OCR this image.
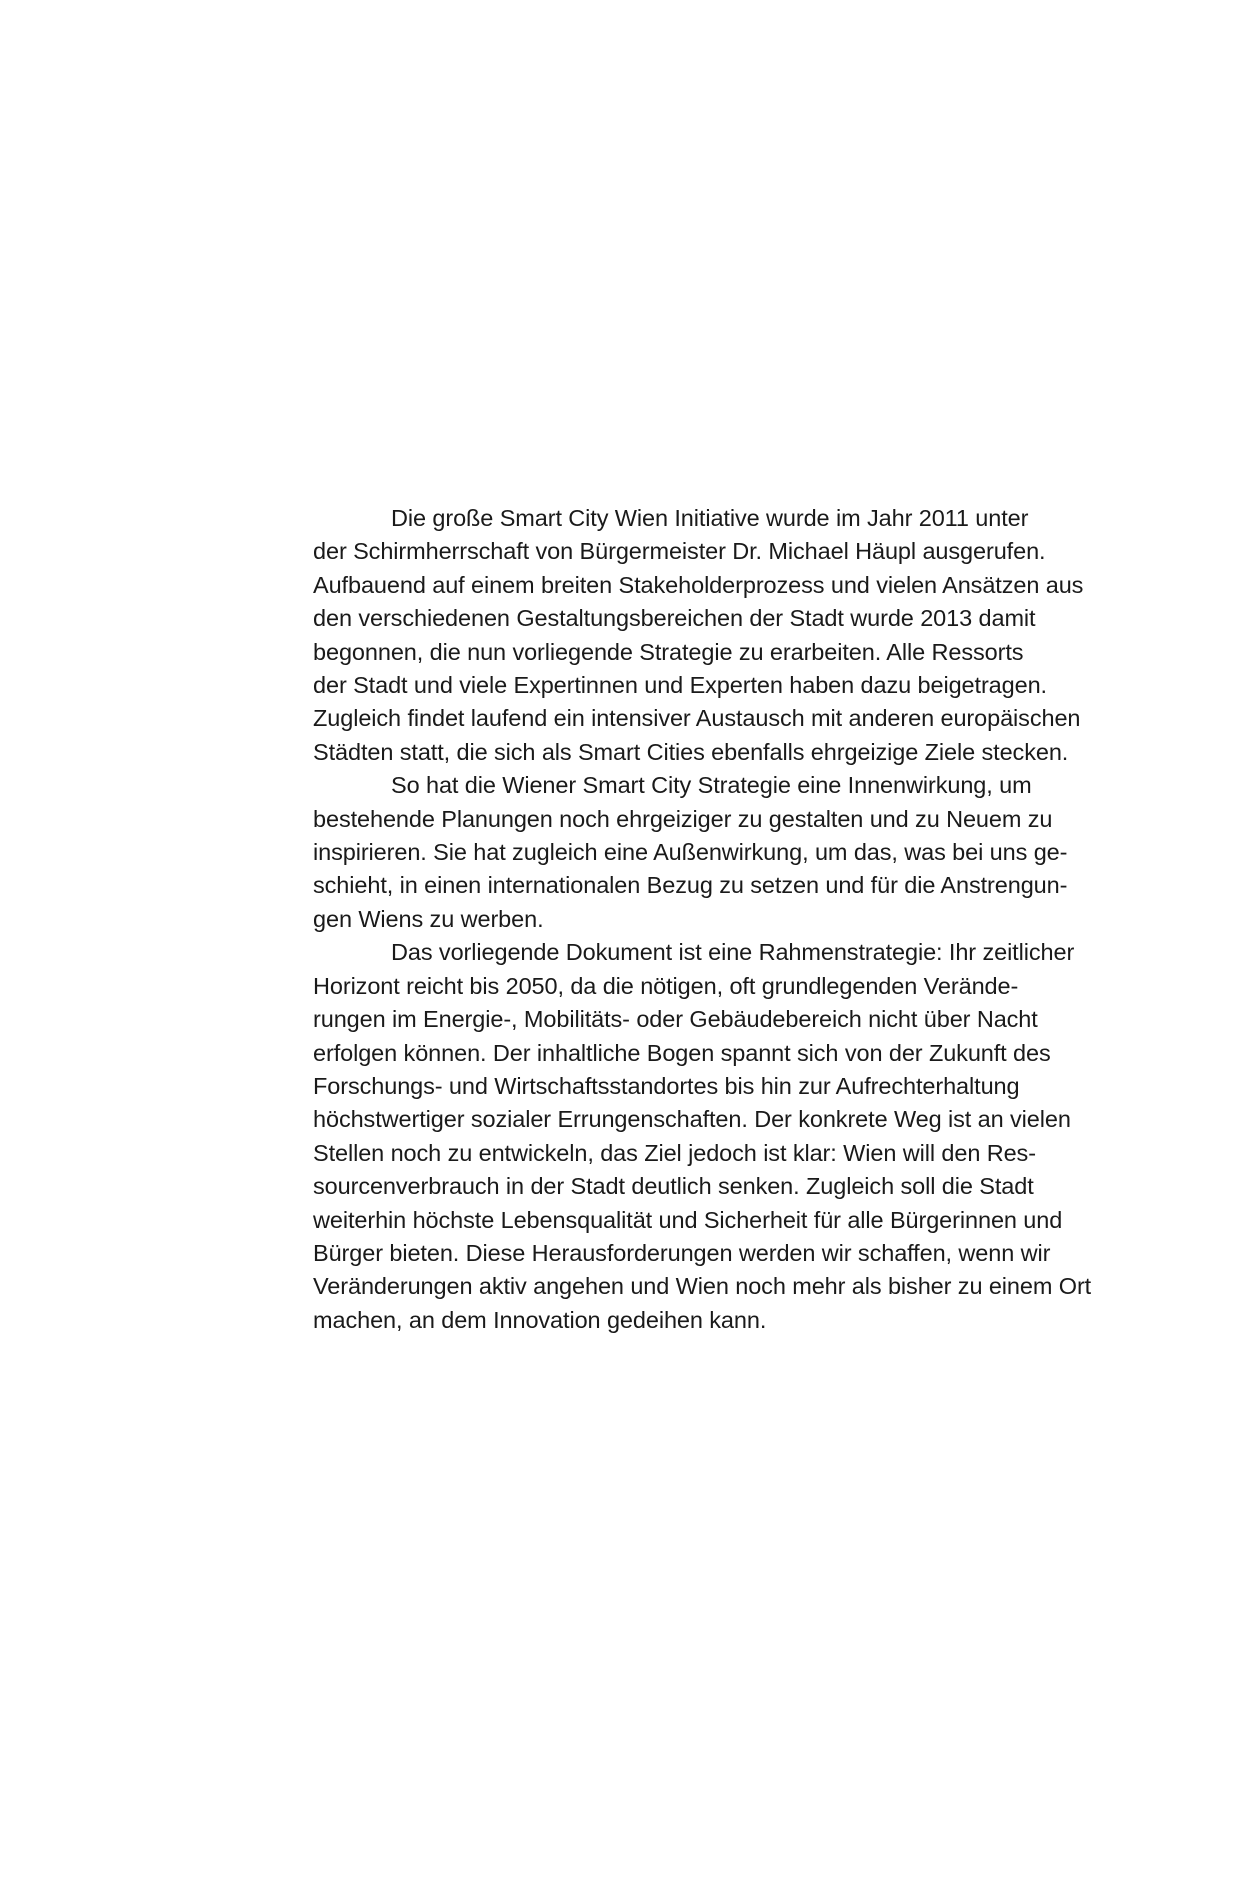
Die große Smart City Wien Initiative wurde im Jahr 2011 unter
der Schirmherrschaft von Bürgermeister Dr. Michael Häupl ausgerufen.
Aufbauend auf einem breiten Stakeholderprozess und vielen Ansätzen aus
den verschiedenen Gestaltungsbereichen der Stadt wurde 2013 damit
begonnen, die nun vorliegende Strategie zu erarbeiten. Alle Ressorts
der Stadt und viele Expertinnen und Experten haben dazu beigetragen.
Zugleich findet laufend ein intensiver Austausch mit anderen europäischen
Städten statt, die sich als Smart Cities ebenfalls ehrgeizige Ziele stecken.

So hat die Wiener Smart City Strategie eine Innenwirkung, um
bestehende Planungen noch ehrgeiziger zu gestalten und zu Neuem zu
inspirieren. Sie hat zugleich eine Außenwirkung, um das, was bei uns ge-
schieht, in einen internationalen Bezug zu setzen und für die Anstrengun-
gen Wiens zu werben.

Das vorliegende Dokument ist eine Rahmenstrategie: Ihr zeitlicher
Horizont reicht bis 2050, da die nötigen, oft grundlegenden Verände-
rungen im Energie-, Mobilitäts- oder Gebäudebereich nicht über Nacht
erfolgen können. Der inhaltliche Bogen spannt sich von der Zukunft des
Forschungs- und Wirtschaftsstandortes bis hin zur Aufrechterhaltung
höchstwertiger sozialer Errungenschaften. Der konkrete Weg ist an vielen
Stellen noch zu entwickeln, das Ziel jedoch ist klar: Wien will den Res-
sourcenverbrauch in der Stadt deutlich senken. Zugleich soll die Stadt
weiterhin höchste Lebensqualität und Sicherheit für alle Bürgerinnen und
Bürger bieten. Diese Herausforderungen werden wir schaffen, wenn wir
Veränderungen aktiv angehen und Wien noch mehr als bisher zu einem Ort
machen, an dem Innovation gedeihen kann.
